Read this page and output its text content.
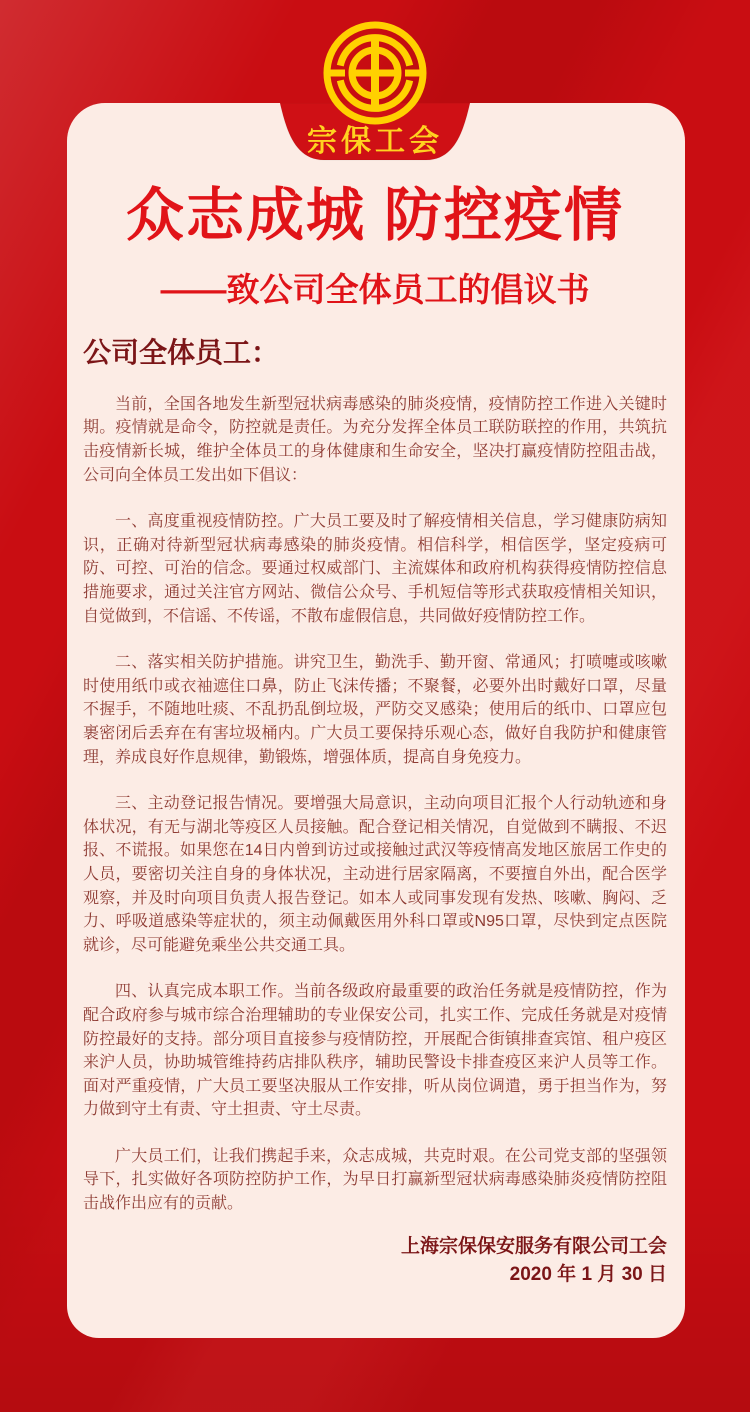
众志成城 防控疫情
——致公司全体员工的倡议书

公司全体员工：

当前，全国各地发生新型冠状病毒感染的肺炎疫情，疫情防控工作进入关键时期。疫情就是命令，防控就是责任。为充分发挥全体员工联防联控的作用，共筑抗击疫情新长城，维护全体员工的身体健康和生命安全，坚决打赢疫情防控阻击战，公司向全体员工发出如下倡议：

一、高度重视疫情防控。广大员工要及时了解疫情相关信息，学习健康防病知识，正确对待新型冠状病毒感染的肺炎疫情。相信科学，相信医学，坚定疫病可防、可控、可治的信念。要通过权威部门、主流媒体和政府机构获得疫情防控信息措施要求，通过关注官方网站、微信公众号、手机短信等形式获取疫情相关知识，自觉做到，不信谣、不传谣，不散布虚假信息，共同做好疫情防控工作。

二、落实相关防护措施。讲究卫生，勤洗手、勤开窗、常通风；打喷嚏或咳嗽时使用纸巾或衣袖遮住口鼻，防止飞沫传播；不聚餐，必要外出时戴好口罩，尽量不握手，不随地吐痰、不乱扔乱倒垃圾，严防交叉感染；使用后的纸巾、口罩应包裹密闭后丢弃在有害垃圾桶内。广大员工要保持乐观心态，做好自我防护和健康管理，养成良好作息规律，勤锻炼，增强体质，提高自身免疫力。

三、主动登记报告情况。要增强大局意识，主动向项目汇报个人行动轨迹和身体状况，有无与湖北等疫区人员接触。配合登记相关情况，自觉做到不瞒报、不迟报、不谎报。如果您在14日内曾到访过或接触过武汉等疫情高发地区旅居工作史的人员，要密切关注自身的身体状况，主动进行居家隔离，不要擅自外出，配合医学观察，并及时向项目负责人报告登记。如本人或同事发现有发热、咳嗽、胸闷、乏力、呼吸道感染等症状的，须主动佩戴医用外科口罩或N95口罩，尽快到定点医院就诊，尽可能避免乘坐公共交通工具。

四、认真完成本职工作。当前各级政府最重要的政治任务就是疫情防控，作为配合政府参与城市综合治理辅助的专业保安公司，扎实工作、完成任务就是对疫情防控最好的支持。部分项目直接参与疫情防控，开展配合街镇排查宾馆、租户疫区来沪人员，协助城管维持药店排队秩序，辅助民警设卡排查疫区来沪人员等工作。面对严重疫情，广大员工要坚决服从工作安排，听从岗位调遣，勇于担当作为，努力做到守土有责、守土担责、守土尽责。

广大员工们，让我们携起手来，众志成城，共克时艰。在公司党支部的坚强领导下，扎实做好各项防控防护工作，为早日打赢新型冠状病毒感染肺炎疫情防控阻击战作出应有的贡献。

上海宗保保安服务有限公司工会

2020 年 1 月 30 日

宗保工会
